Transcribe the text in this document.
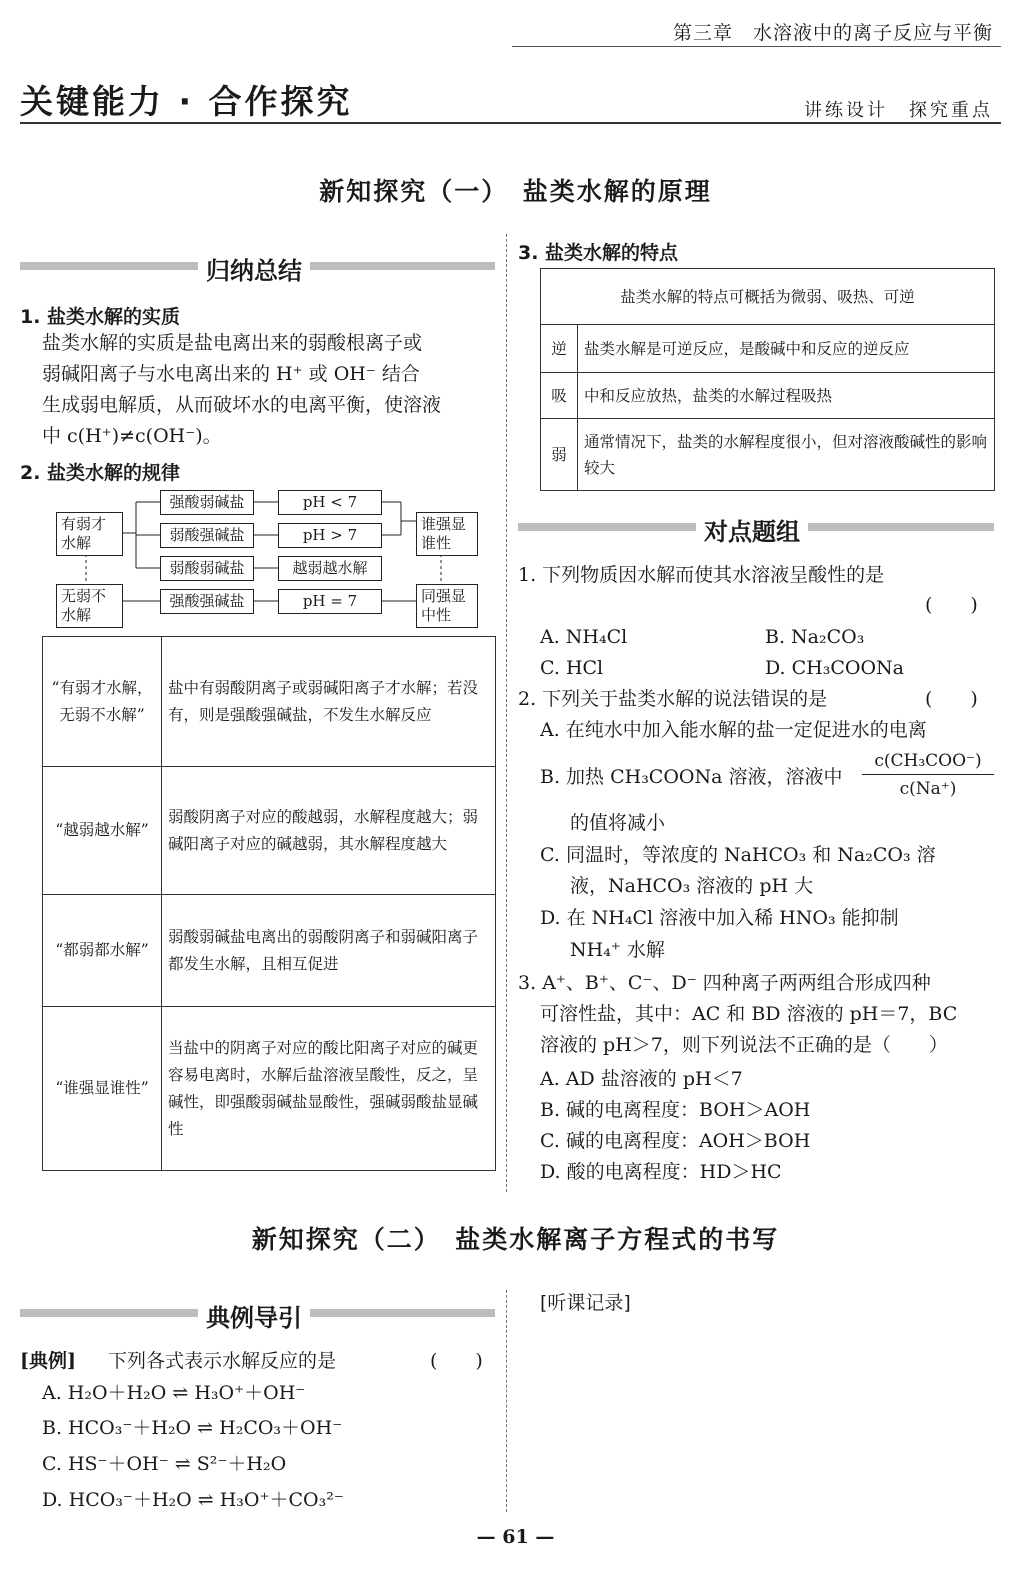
第三章　水溶液中的离子反应与平衡
关键能力 · 合作探究	讲练设计　探究重点
新知探究（一）　盐类水解的原理
归纳总结
1. 盐类水解的实质
盐类水解的实质是盐电离出来的弱酸根离子或
弱碱阳离子与水电离出来的 H⁺ 或 OH⁻ 结合
生成弱电解质，从而破坏水的电离平衡，使溶液
中 c(H⁺)≠c(OH⁻)。
2. 盐类水解的规律
有弱才水解
无弱不水解
强酸弱碱盐
弱酸强碱盐
弱酸弱碱盐
强酸强碱盐
pH < 7
pH > 7
越弱越水解
pH = 7
谁强显谁性
同强显中性
“有弱才水解，无弱不水解”	盐中有弱酸阴离子或弱碱阳离子才水解；若没有，则是强酸强碱盐，不发生水解反应
“越弱越水解”	弱酸阴离子对应的酸越弱，水解程度越大；弱碱阳离子对应的碱越弱，其水解程度越大
“都弱都水解”	弱酸弱碱盐电离出的弱酸阴离子和弱碱阳离子都发生水解，且相互促进
“谁强显谁性”	当盐中的阴离子对应的酸比阳离子对应的碱更容易电离时，水解后盐溶液呈酸性，反之，呈碱性，即强酸弱碱盐显酸性，强碱弱酸盐显碱性
3. 盐类水解的特点
盐类水解的特点可概括为微弱、吸热、可逆	
逆	盐类水解是可逆反应，是酸碱中和反应的逆反应
吸	中和反应放热，盐类的水解过程吸热
弱	通常情况下，盐类的水解程度很小，但对溶液酸碱性的影响较大
对点题组
1. 下列物质因水解而使其水溶液呈酸性的是
(　　)
A. NH₄Cl	B. Na₂CO₃
C. HCl	D. CH₃COONa
2. 下列关于盐类水解的说法错误的是	(　　)
A. 在纯水中加入能水解的盐一定促进水的电离
B. 加热 CH₃COONa 溶液，溶液中
c(CH₃COO⁻)
c(Na⁺)
的值将减小
C. 同温时，等浓度的 NaHCO₃ 和 Na₂CO₃ 溶
液，NaHCO₃ 溶液的 pH 大
D. 在 NH₄Cl 溶液中加入稀 HNO₃ 能抑制
NH₄⁺ 水解
3. A⁺、B⁺、C⁻、D⁻ 四种离子两两组合形成四种
可溶性盐，其中：AC 和 BD 溶液的 pH＝7，BC
溶液的 pH＞7，则下列说法不正确的是（　　）
A. AD 盐溶液的 pH＜7
B. 碱的电离程度：BOH＞AOH
C. 碱的电离程度：AOH＞BOH
D. 酸的电离程度：HD＞HC
新知探究（二）　盐类水解离子方程式的书写
典例导引
[听课记录]
[典例] 下列各式表示水解反应的是	(　　)
A. H₂O＋H₂O ⇌ H₃O⁺＋OH⁻
B. HCO₃⁻＋H₂O ⇌ H₂CO₃＋OH⁻
C. HS⁻＋OH⁻ ⇌ S²⁻＋H₂O
D. HCO₃⁻＋H₂O ⇌ H₃O⁺＋CO₃²⁻
— 61 —
